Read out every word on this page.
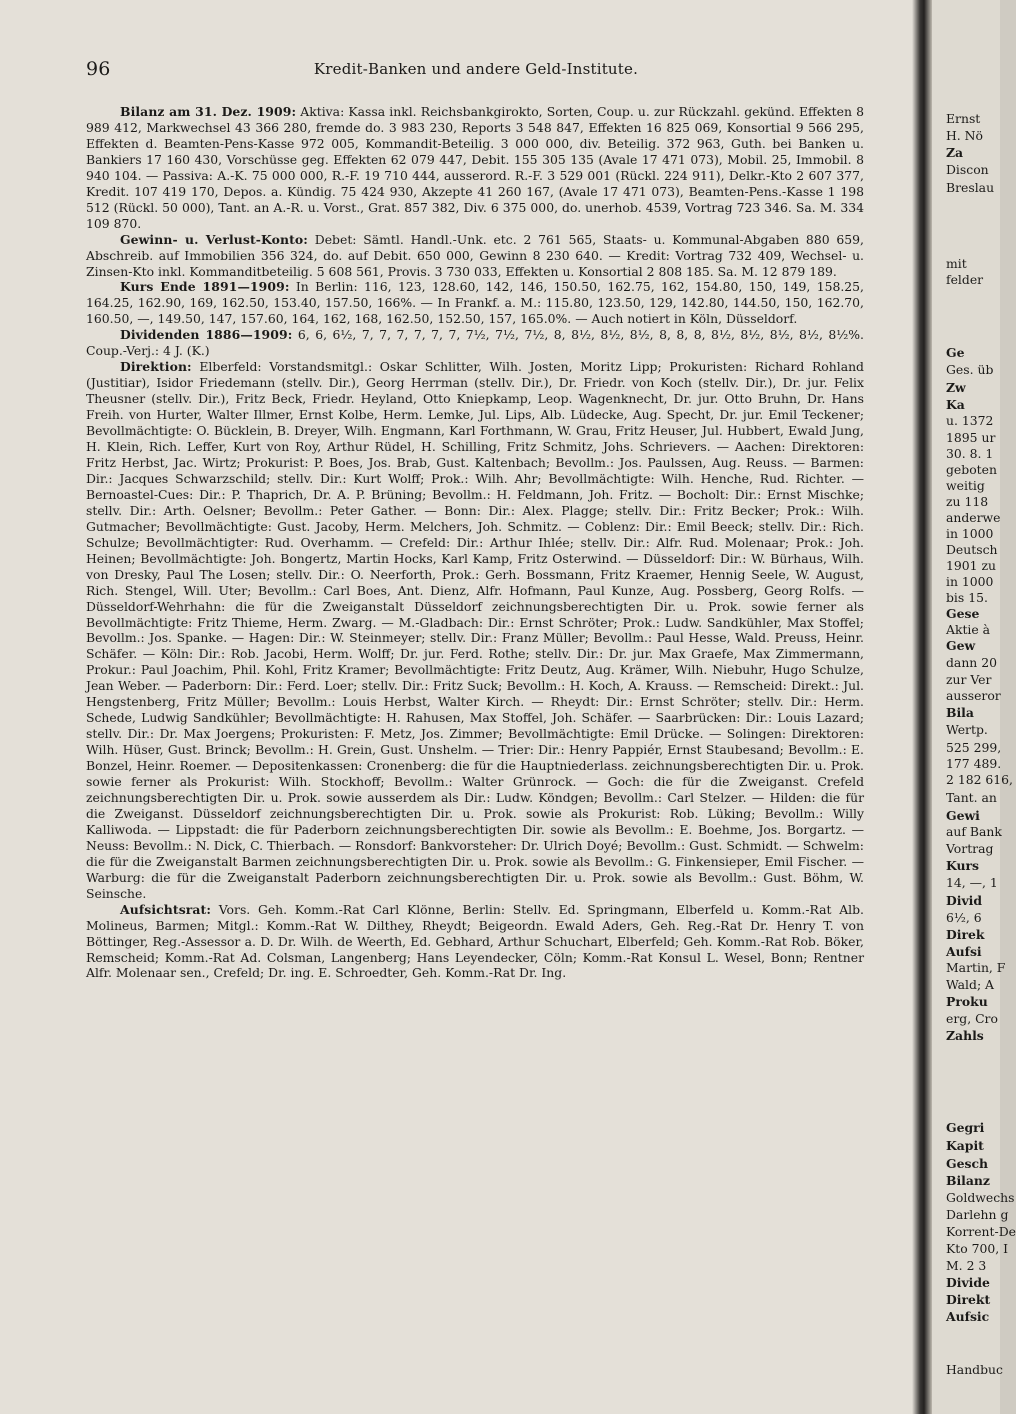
96	Kredit-Banken und andere Geld-Institute.

Bilanz am 31. Dez. 1909: Aktiva: Kassa inkl. Reichsbankgirokto, Sorten, Coup. u. zur Rückzahl. gekünd. Effekten 8 989 412, Markwechsel 43 366 280, fremde do. 3 983 230, Reports 3 548 847, Effekten 16 825 069, Konsortial 9 566 295, Effekten d. Beamten-Pens-Kasse 972 005, Kommandit-Beteilig. 3 000 000, div. Beteilig. 372 963, Guth. bei Banken u. Bankiers 17 160 430, Vorschüsse geg. Effekten 62 079 447, Debit. 155 305 135 (Avale 17 471 073), Mobil. 25, Immobil. 8 940 104. — Passiva: A.-K. 75 000 000, R.-F. 19 710 444, ausserord. R.-F. 3 529 001 (Rückl. 224 911), Delkr.-Kto 2 607 377, Kredit. 107 419 170, Depos. a. Kündig. 75 424 930, Akzepte 41 260 167, (Avale 17 471 073), Beamten-Pens.-Kasse 1 198 512 (Rückl. 50 000), Tant. an A.-R. u. Vorst., Grat. 857 382, Div. 6 375 000, do. unerhob. 4539, Vortrag 723 346. Sa. M. 334 109 870.

Gewinn- u. Verlust-Konto: Debet: Sämtl. Handl.-Unk. etc. 2 761 565, Staats- u. Kommunal-Abgaben 880 659, Abschreib. auf Immobilien 356 324, do. auf Debit. 650 000, Gewinn 8 230 640. — Kredit: Vortrag 732 409, Wechsel- u. Zinsen-Kto inkl. Kommanditbeteilig. 5 608 561, Provis. 3 730 033, Effekten u. Konsortial 2 808 185. Sa. M. 12 879 189.

Kurs Ende 1891—1909: In Berlin: 116, 123, 128.60, 142, 146, 150.50, 162.75, 162, 154.80, 150, 149, 158.25, 164.25, 162.90, 169, 162.50, 153.40, 157.50, 166%. — In Frankf. a. M.: 115.80, 123.50, 129, 142.80, 144.50, 150, 162.70, 160.50, —, 149.50, 147, 157.60, 164, 162, 168, 162.50, 152.50, 157, 165.0%. — Auch notiert in Köln, Düsseldorf.

Dividenden 1886—1909: 6, 6, 6½, 7, 7, 7, 7, 7, 7, 7½, 7½, 7½, 8, 8½, 8½, 8½, 8, 8, 8, 8½, 8½, 8½, 8½, 8½%. Coup.-Verj.: 4 J. (K.)

Direktion: Elberfeld: Vorstandsmitgl.: Oskar Schlitter, Wilh. Josten, Moritz Lipp; Prokuristen: Richard Rohland (Justitiar), Isidor Friedemann (stellv. Dir.), Georg Herrman (stellv. Dir.), Dr. Friedr. von Koch (stellv. Dir.), Dr. jur. Felix Theusner (stellv. Dir.), Fritz Beck, Friedr. Heyland, Otto Kniepkamp, Leop. Wagenknecht, Dr. jur. Otto Bruhn, Dr. Hans Freih. von Hurter, Walter Illmer, Ernst Kolbe, Herm. Lemke, Jul. Lips, Alb. Lüdecke, Aug. Specht, Dr. jur. Emil Teckener; Bevollmächtigte: O. Bücklein, B. Dreyer, Wilh. Engmann, Karl Forthmann, W. Grau, Fritz Heuser, Jul. Hubbert, Ewald Jung, H. Klein, Rich. Leffer, Kurt von Roy, Arthur Rüdel, H. Schilling, Fritz Schmitz, Johs. Schrievers. — Aachen: Direktoren: Fritz Herbst, Jac. Wirtz; Prokurist: P. Boes, Jos. Brab, Gust. Kaltenbach; Bevollm.: Jos. Paulssen, Aug. Reuss. — Barmen: Dir.: Jacques Schwarzschild; stellv. Dir.: Kurt Wolff; Prok.: Wilh. Ahr; Bevollmächtigte: Wilh. Henche, Rud. Richter. — Bernoastel-Cues: Dir.: P. Thaprich, Dr. A. P. Brüning; Bevollm.: H. Feldmann, Joh. Fritz. — Bocholt: Dir.: Ernst Mischke; stellv. Dir.: Arth. Oelsner; Bevollm.: Peter Gather. — Bonn: Dir.: Alex. Plagge; stellv. Dir.: Fritz Becker; Prok.: Wilh. Gutmacher; Bevollmächtigte: Gust. Jacoby, Herm. Melchers, Joh. Schmitz. — Coblenz: Dir.: Emil Beeck; stellv. Dir.: Rich. Schulze; Bevollmächtigter: Rud. Overhamm. — Crefeld: Dir.: Arthur Ihlée; stellv. Dir.: Alfr. Rud. Molenaar; Prok.: Joh. Heinen; Bevollmächtigte: Joh. Bongertz, Martin Hocks, Karl Kamp, Fritz Osterwind. — Düsseldorf: Dir.: W. Bürhaus, Wilh. von Dresky, Paul The Losen; stellv. Dir.: O. Neerforth, Prok.: Gerh. Bossmann, Fritz Kraemer, Hennig Seele, W. August, Rich. Stengel, Will. Uter; Bevollm.: Carl Boes, Ant. Dienz, Alfr. Hofmann, Paul Kunze, Aug. Possberg, Georg Rolfs. — Düsseldorf-Wehrhahn: die für die Zweiganstalt Düsseldorf zeichnungsberechtigten Dir. u. Prok. sowie ferner als Bevollmächtigte: Fritz Thieme, Herm. Zwarg. — M.-Gladbach: Dir.: Ernst Schröter; Prok.: Ludw. Sandkühler, Max Stoffel; Bevollm.: Jos. Spanke. — Hagen: Dir.: W. Steinmeyer; stellv. Dir.: Franz Müller; Bevollm.: Paul Hesse, Wald. Preuss, Heinr. Schäfer. — Köln: Dir.: Rob. Jacobi, Herm. Wolff; Dr. jur. Ferd. Rothe; stellv. Dir.: Dr. jur. Max Graefe, Max Zimmermann, Prokur.: Paul Joachim, Phil. Kohl, Fritz Kramer; Bevollmächtigte: Fritz Deutz, Aug. Krämer, Wilh. Niebuhr, Hugo Schulze, Jean Weber. — Paderborn: Dir.: Ferd. Loer; stellv. Dir.: Fritz Suck; Bevollm.: H. Koch, A. Krauss. — Remscheid: Direkt.: Jul. Hengstenberg, Fritz Müller; Bevollm.: Louis Herbst, Walter Kirch. — Rheydt: Dir.: Ernst Schröter; stellv. Dir.: Herm. Schede, Ludwig Sandkühler; Bevollmächtigte: H. Rahusen, Max Stoffel, Joh. Schäfer. — Saarbrücken: Dir.: Louis Lazard; stellv. Dir.: Dr. Max Joergens; Prokuristen: F. Metz, Jos. Zimmer; Bevollmächtigte: Emil Drücke. — Solingen: Direktoren: Wilh. Hüser, Gust. Brinck; Bevollm.: H. Grein, Gust. Unshelm. — Trier: Dir.: Henry Pappiér, Ernst Staubesand; Bevollm.: E. Bonzel, Heinr. Roemer. — Depositenkassen: Cronenberg: die für die Hauptniederlass. zeichnungsberechtigten Dir. u. Prok. sowie ferner als Prokurist: Wilh. Stockhoff; Bevollm.: Walter Grünrock. — Goch: die für die Zweiganst. Crefeld zeichnungsberechtigten Dir. u. Prok. sowie ausserdem als Dir.: Ludw. Köndgen; Bevollm.: Carl Stelzer. — Hilden: die für die Zweiganst. Düsseldorf zeichnungsberechtigten Dir. u. Prok. sowie als Prokurist: Rob. Lüking; Bevollm.: Willy Kalliwoda. — Lippstadt: die für Paderborn zeichnungsberechtigten Dir. sowie als Bevollm.: E. Boehme, Jos. Borgartz. — Neuss: Bevollm.: N. Dick, C. Thierbach. — Ronsdorf: Bankvorsteher: Dr. Ulrich Doyé; Bevollm.: Gust. Schmidt. — Schwelm: die für die Zweiganstalt Barmen zeichnungsberechtigten Dir. u. Prok. sowie als Bevollm.: G. Finkensieper, Emil Fischer. — Warburg: die für die Zweiganstalt Paderborn zeichnungsberechtigten Dir. u. Prok. sowie als Bevollm.: Gust. Böhm, W. Seinsche.

Aufsichtsrat: Vors. Geh. Komm.-Rat Carl Klönne, Berlin: Stellv. Ed. Springmann, Elberfeld u. Komm.-Rat Alb. Molineus, Barmen; Mitgl.: Komm.-Rat W. Dilthey, Rheydt; Beigeordn. Ewald Aders, Geh. Reg.-Rat Dr. Henry T. von Böttinger, Reg.-Assessor a. D. Dr. Wilh. de Weerth, Ed. Gebhard, Arthur Schuchart, Elberfeld; Geh. Komm.-Rat Rob. Böker, Remscheid; Komm.-Rat Ad. Colsman, Langenberg; Hans Leyendecker, Cöln; Komm.-Rat Konsul L. Wesel, Bonn; Rentner Alfr. Molenaar sen., Crefeld; Dr. ing. E. Schroedter, Geh. Komm.-Rat Dr. Ing.

Ernst
H. Nö
Za
Discon
Breslau
mit
felder
Ge
Ges. üb
Zw
Ka
u. 1372
1895 ur
30. 8. 1
geboten
weitig
zu 118
anderwe
in 1000
Deutsch
1901 zu
in 1000
bis 15.
Gese
Aktie à
Gew
dann 20
zur Ver
ausseror
Bila
Wertp.
525 299,
177 489.
2 182 616,
Tant. an
Gewi
auf Bank
Vortrag
Kurs
14, —, 1
Divid
6½, 6
Direk
Aufsi
Martin, F
Wald; A
Proku
erg, Cro
Zahls
Gegri
Kapit
Gesch
Bilanz
Goldwechs
Darlehn g
Korrent-De
Kto 700, I
M. 2 3
Divide
Direkt
Aufsic
Handbuc
